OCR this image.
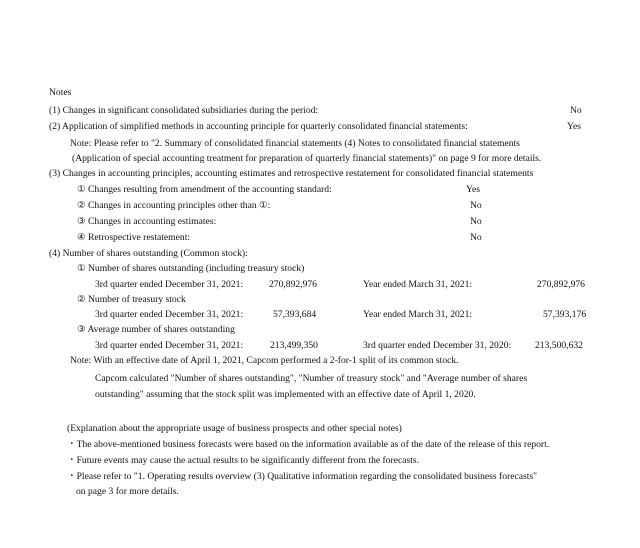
Notes
(1) Changes in significant consolidated subsidiaries during the period:	No
(2) Application of simplified methods in accounting principle for quarterly consolidated financial statements:	Yes
Note: Please refer to "2. Summary of consolidated financial statements (4) Notes to consolidated financial statements
(Application of special accounting treatment for preparation of quarterly financial statements)" on page 9 for more details.
(3) Changes in accounting principles, accounting estimates and retrospective restatement for consolidated financial statements
① Changes resulting from amendment of the accounting standard:	Yes
② Changes in accounting principles other than ①:	No
③ Changes in accounting estimates:	No
④ Retrospective restatement:	No
(4) Number of shares outstanding (Common stock):
① Number of shares outstanding (including treasury stock)
3rd quarter ended December 31, 2021:	270,892,976	Year ended March 31, 2021:	270,892,976
② Number of treasury stock
3rd quarter ended December 31, 2021:	57,393,684	Year ended March 31, 2021:	57,393,176
③ Average number of shares outstanding
3rd quarter ended December 31, 2021:	213,499,350	3rd quarter ended December 31, 2020: 213,500,632
Note: With an effective date of April 1, 2021, Capcom performed a 2-for-1 split of its common stock.
Capcom calculated "Number of shares outstanding", "Number of treasury stock" and "Average number of shares
outstanding" assuming that the stock split was implemented with an effective date of April 1, 2020.
(Explanation about the appropriate usage of business prospects and other special notes)
・The above-mentioned business forecasts were based on the information available as of the date of the release of this report.
・Future events may cause the actual results to be significantly different from the forecasts.
・Please refer to "1. Operating results overview (3) Qualitative information regarding the consolidated business forecasts"
on page 3 for more details.
